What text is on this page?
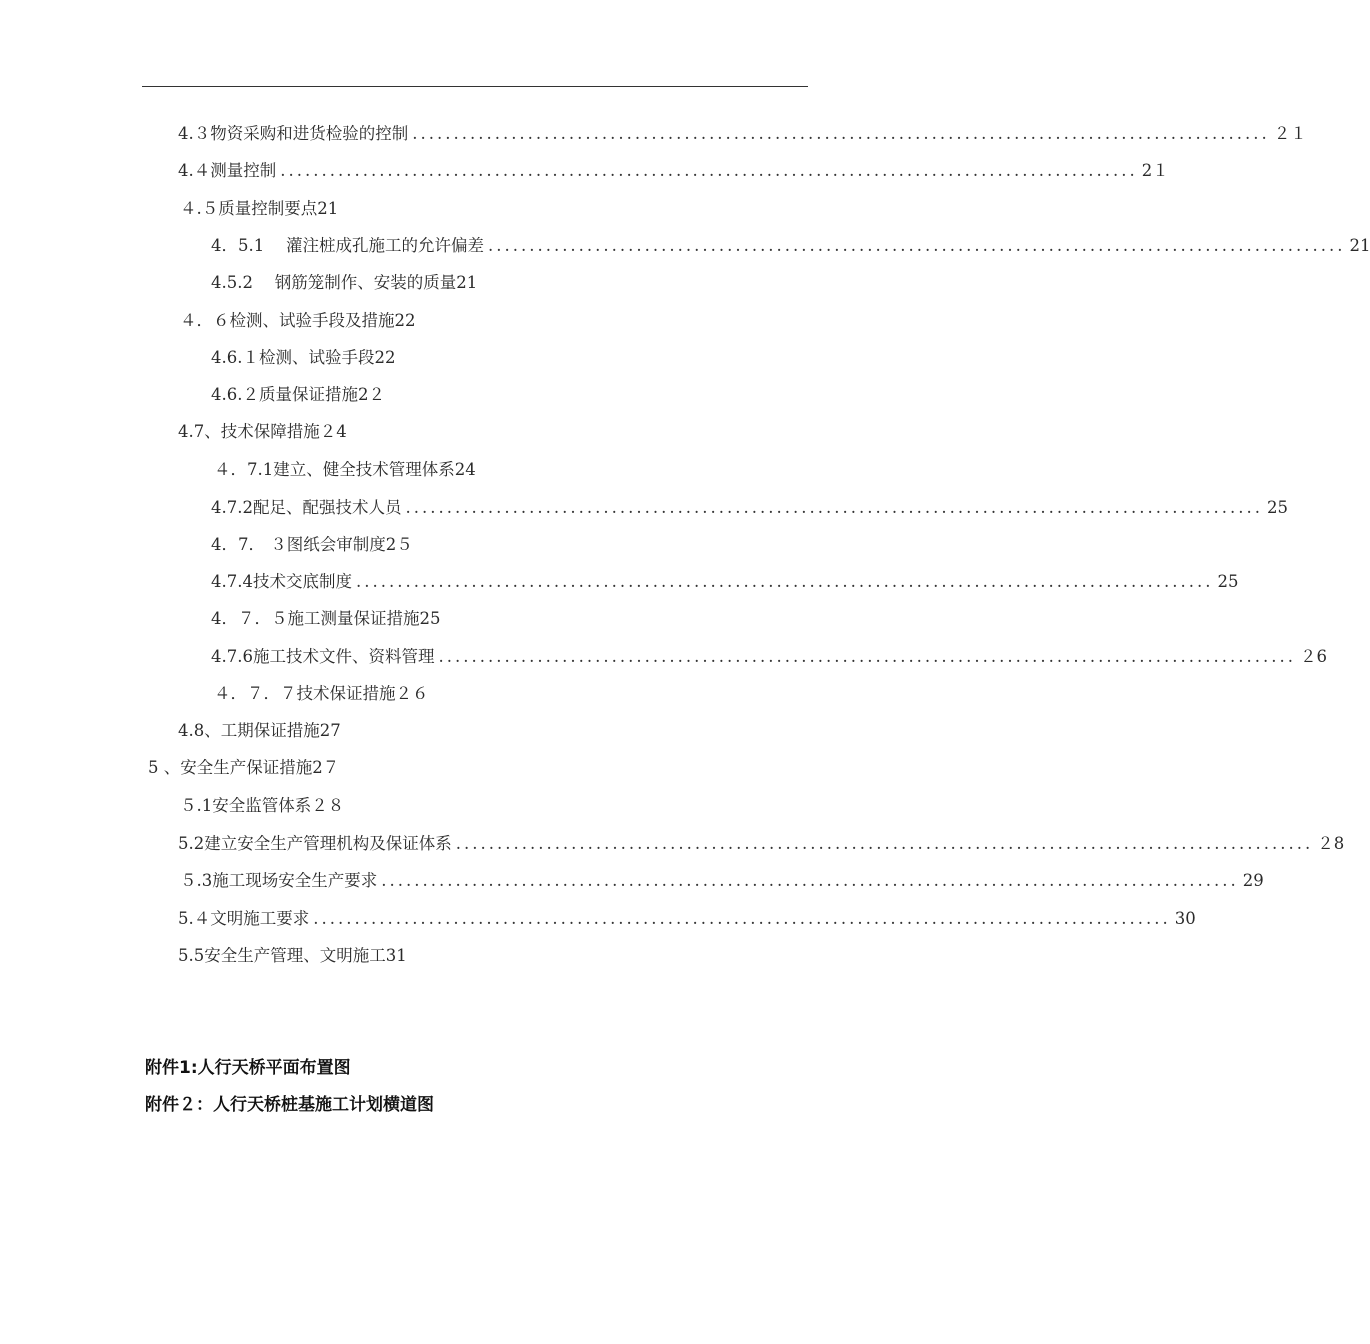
4.３物资采购和进货检验的控制 ........................................................................................................ ２１
4.４测量控制 ........................................................................................................ 2１
４.５质量控制要点21
4．5.1　 灌注桩成孔施工的允许偏差 ........................................................................................................ 21
4.5.2　 钢筋笼制作、安装的质量21
４．６检测、试验手段及措施22
4.6.１检测、试验手段22
4.6.２质量保证措施2２
4.7、技术保障措施２4
４．7.1建立、健全技术管理体系24
4.7.2配足、配强技术人员 ........................................................................................................ 25
4．7． ３图纸会审制度2５
4.7.4技术交底制度 ........................................................................................................ 25
4．７．５施工测量保证措施25
4.7.6施工技术文件、资料管理 ........................................................................................................ ２6
４．７．７技术保证措施２６
4.8、工期保证措施27
5 、安全生产保证措施2７
５.1安全监管体系２８
5.2建立安全生产管理机构及保证体系 ........................................................................................................ ２8
５.3施工现场安全生产要求 ........................................................................................................ 29
5.４文明施工要求 ........................................................................................................ 30
5.5安全生产管理、文明施工31
附件1:人行天桥平面布置图
附件２：人行天桥桩基施工计划横道图
